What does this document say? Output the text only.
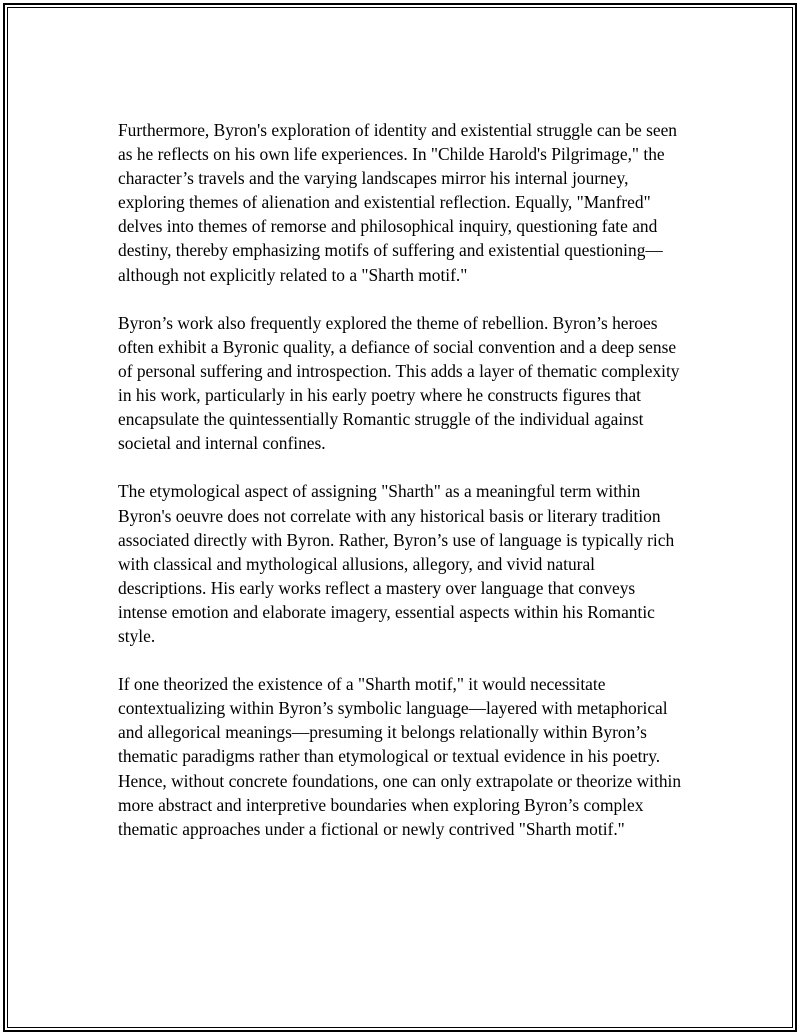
Furthermore, Byron's exploration of identity and existential struggle can be seen as he reflects on his own life experiences. In "Childe Harold's Pilgrimage," the character’s travels and the varying landscapes mirror his internal journey, exploring themes of alienation and existential reflection. Equally, "Manfred" delves into themes of remorse and philosophical inquiry, questioning fate and destiny, thereby emphasizing motifs of suffering and existential questioning—although not explicitly related to a "Sharth motif."

Byron’s work also frequently explored the theme of rebellion. Byron’s heroes often exhibit a Byronic quality, a defiance of social convention and a deep sense of personal suffering and introspection. This adds a layer of thematic complexity in his work, particularly in his early poetry where he constructs figures that encapsulate the quintessentially Romantic struggle of the individual against societal and internal confines.

The etymological aspect of assigning "Sharth" as a meaningful term within Byron's oeuvre does not correlate with any historical basis or literary tradition associated directly with Byron. Rather, Byron’s use of language is typically rich with classical and mythological allusions, allegory, and vivid natural descriptions. His early works reflect a mastery over language that conveys intense emotion and elaborate imagery, essential aspects within his Romantic style.

If one theorized the existence of a "Sharth motif," it would necessitate contextualizing within Byron’s symbolic language—layered with metaphorical and allegorical meanings—presuming it belongs relationally within Byron’s thematic paradigms rather than etymological or textual evidence in his poetry. Hence, without concrete foundations, one can only extrapolate or theorize within more abstract and interpretive boundaries when exploring Byron’s complex thematic approaches under a fictional or newly contrived "Sharth motif."
